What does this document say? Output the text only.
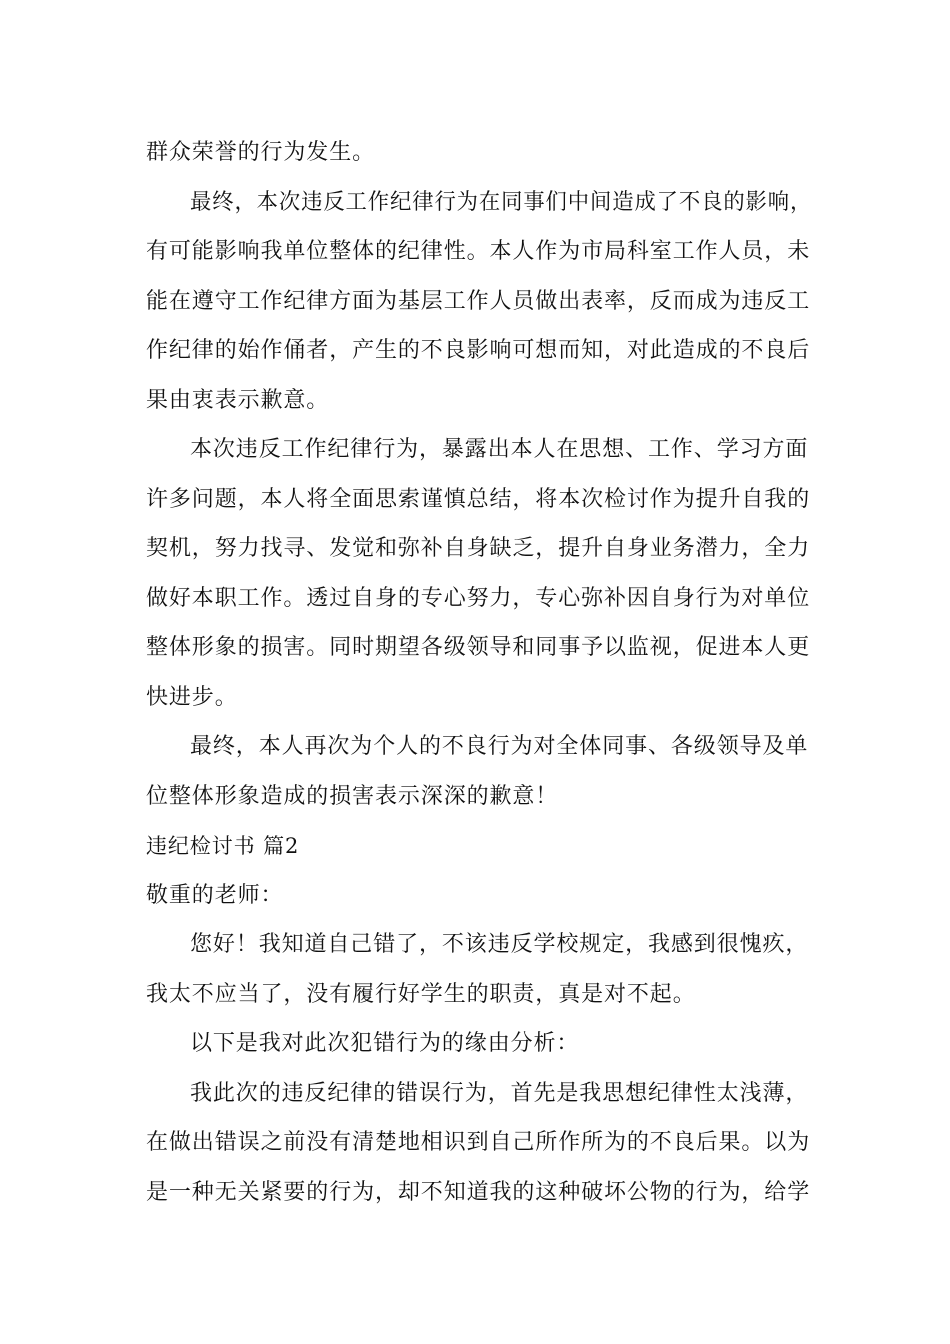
群众荣誉的行为发生。
最终，本次违反工作纪律行为在同事们中间造成了不良的影响，
有可能影响我单位整体的纪律性。本人作为市局科室工作人员，未
能在遵守工作纪律方面为基层工作人员做出表率，反而成为违反工
作纪律的始作俑者，产生的不良影响可想而知，对此造成的不良后
果由衷表示歉意。
本次违反工作纪律行为，暴露出本人在思想、工作、学习方面
许多问题，本人将全面思索谨慎总结，将本次检讨作为提升自我的
契机，努力找寻、发觉和弥补自身缺乏，提升自身业务潜力，全力
做好本职工作。透过自身的专心努力，专心弥补因自身行为对单位
整体形象的损害。同时期望各级领导和同事予以监视，促进本人更
快进步。
最终，本人再次为个人的不良行为对全体同事、各级领导及单
位整体形象造成的损害表示深深的歉意！
违纪检讨书 篇2
敬重的老师：
您好！我知道自己错了，不该违反学校规定，我感到很愧疚，
我太不应当了，没有履行好学生的职责，真是对不起。
以下是我对此次犯错行为的缘由分析：
我此次的违反纪律的错误行为，首先是我思想纪律性太浅薄，
在做出错误之前没有清楚地相识到自己所作所为的不良后果。以为
是一种无关紧要的行为，却不知道我的这种破坏公物的行为，给学
